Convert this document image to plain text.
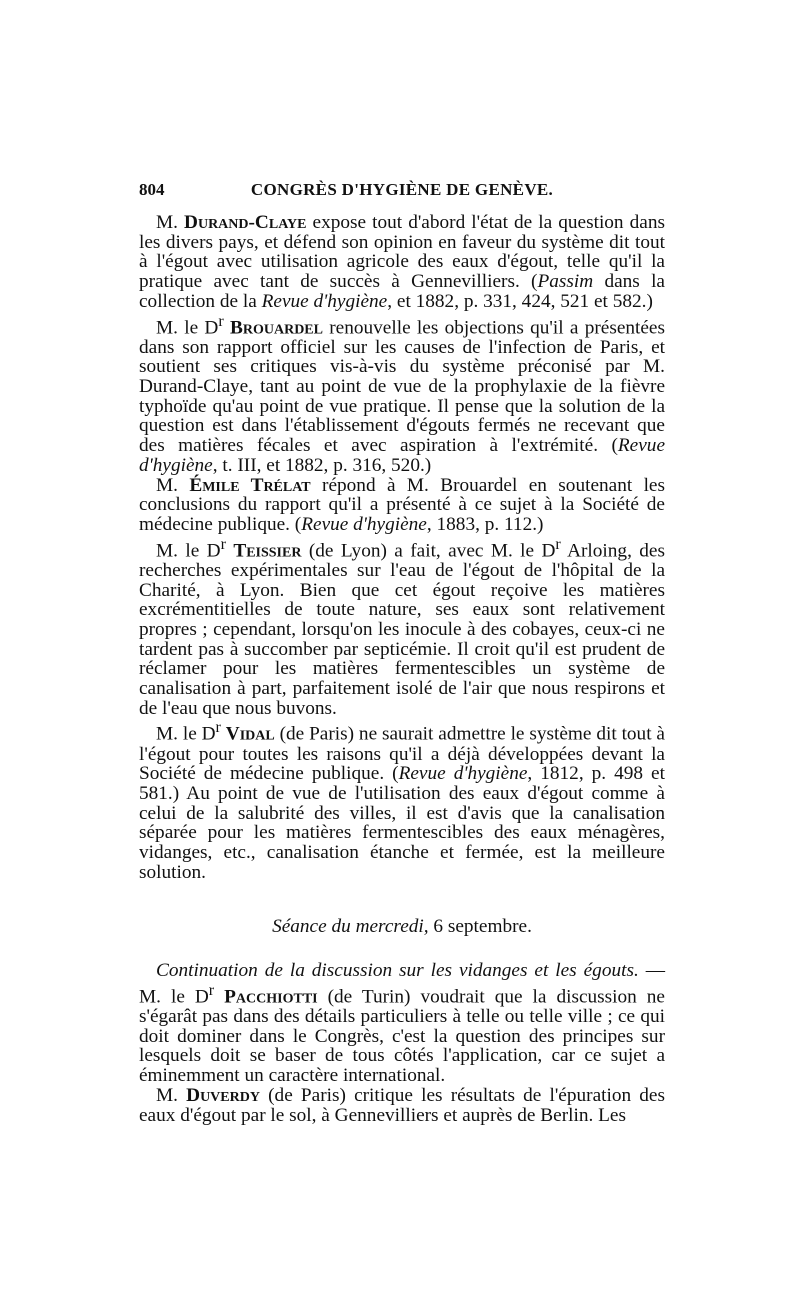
804	CONGRÈS D'HYGIÈNE DE GENÈVE.

M. Durand-Claye expose tout d'abord l'état de la question dans les divers pays, et défend son opinion en faveur du système dit tout à l'égout avec utilisation agricole des eaux d'égout, telle qu'il la pratique avec tant de succès à Gennevilliers. (Passim dans la collection de la Revue d'hygiène, et 1882, p. 331, 424, 521 et 582.)

M. le $D^r$ Brouardel renouvelle les objections qu'il a présentées dans son rapport officiel sur les causes de l'infection de Paris, et soutient ses critiques vis-à-vis du système préconisé par M. Durand-Claye, tant au point de vue de la prophylaxie de la fièvre typhoïde qu'au point de vue pratique. Il pense que la solution de la question est dans l'établissement d'égouts fermés ne recevant que des matières fécales et avec aspiration à l'extrémité. (Revue d'hygiène, t. III, et 1882, p. 316, 520.)

M. Émile Trélat répond à M. Brouardel en soutenant les conclusions du rapport qu'il a présenté à ce sujet à la Société de médecine publique. (Revue d'hygiène, 1883, p. 112.)

M. le $D^r$ Teissier (de Lyon) a fait, avec M. le $D^r$ Arloing, des recherches expérimentales sur l'eau de l'égout de l'hôpital de la Charité, à Lyon. Bien que cet égout reçoive les matières excrémentitielles de toute nature, ses eaux sont relativement propres ; cependant, lorsqu'on les inocule à des cobayes, ceux-ci ne tardent pas à succomber par septicémie. Il croit qu'il est prudent de réclamer pour les matières fermentescibles un système de canalisation à part, parfaitement isolé de l'air que nous respirons et de l'eau que nous buvons.

M. le $D^r$ Vidal (de Paris) ne saurait admettre le système dit tout à l'égout pour toutes les raisons qu'il a déjà développées devant la Société de médecine publique. (Revue d'hygiène, 1812, p. 498 et 581.) Au point de vue de l'utilisation des eaux d'égout comme à celui de la salubrité des villes, il est d'avis que la canalisation séparée pour les matières fermentescibles des eaux ménagères, vidanges, etc., canalisation étanche et fermée, est la meilleure solution.

Séance du mercredi, 6 septembre.

Continuation de la discussion sur les vidanges et les égouts. — M. le $D^r$ Pacchiotti (de Turin) voudrait que la discussion ne s'égarât pas dans des détails particuliers à telle ou telle ville ; ce qui doit dominer dans le Congrès, c'est la question des principes sur lesquels doit se baser de tous côtés l'application, car ce sujet a éminemment un caractère international.

M. Duverdy (de Paris) critique les résultats de l'épuration des eaux d'égout par le sol, à Gennevilliers et auprès de Berlin. Les
